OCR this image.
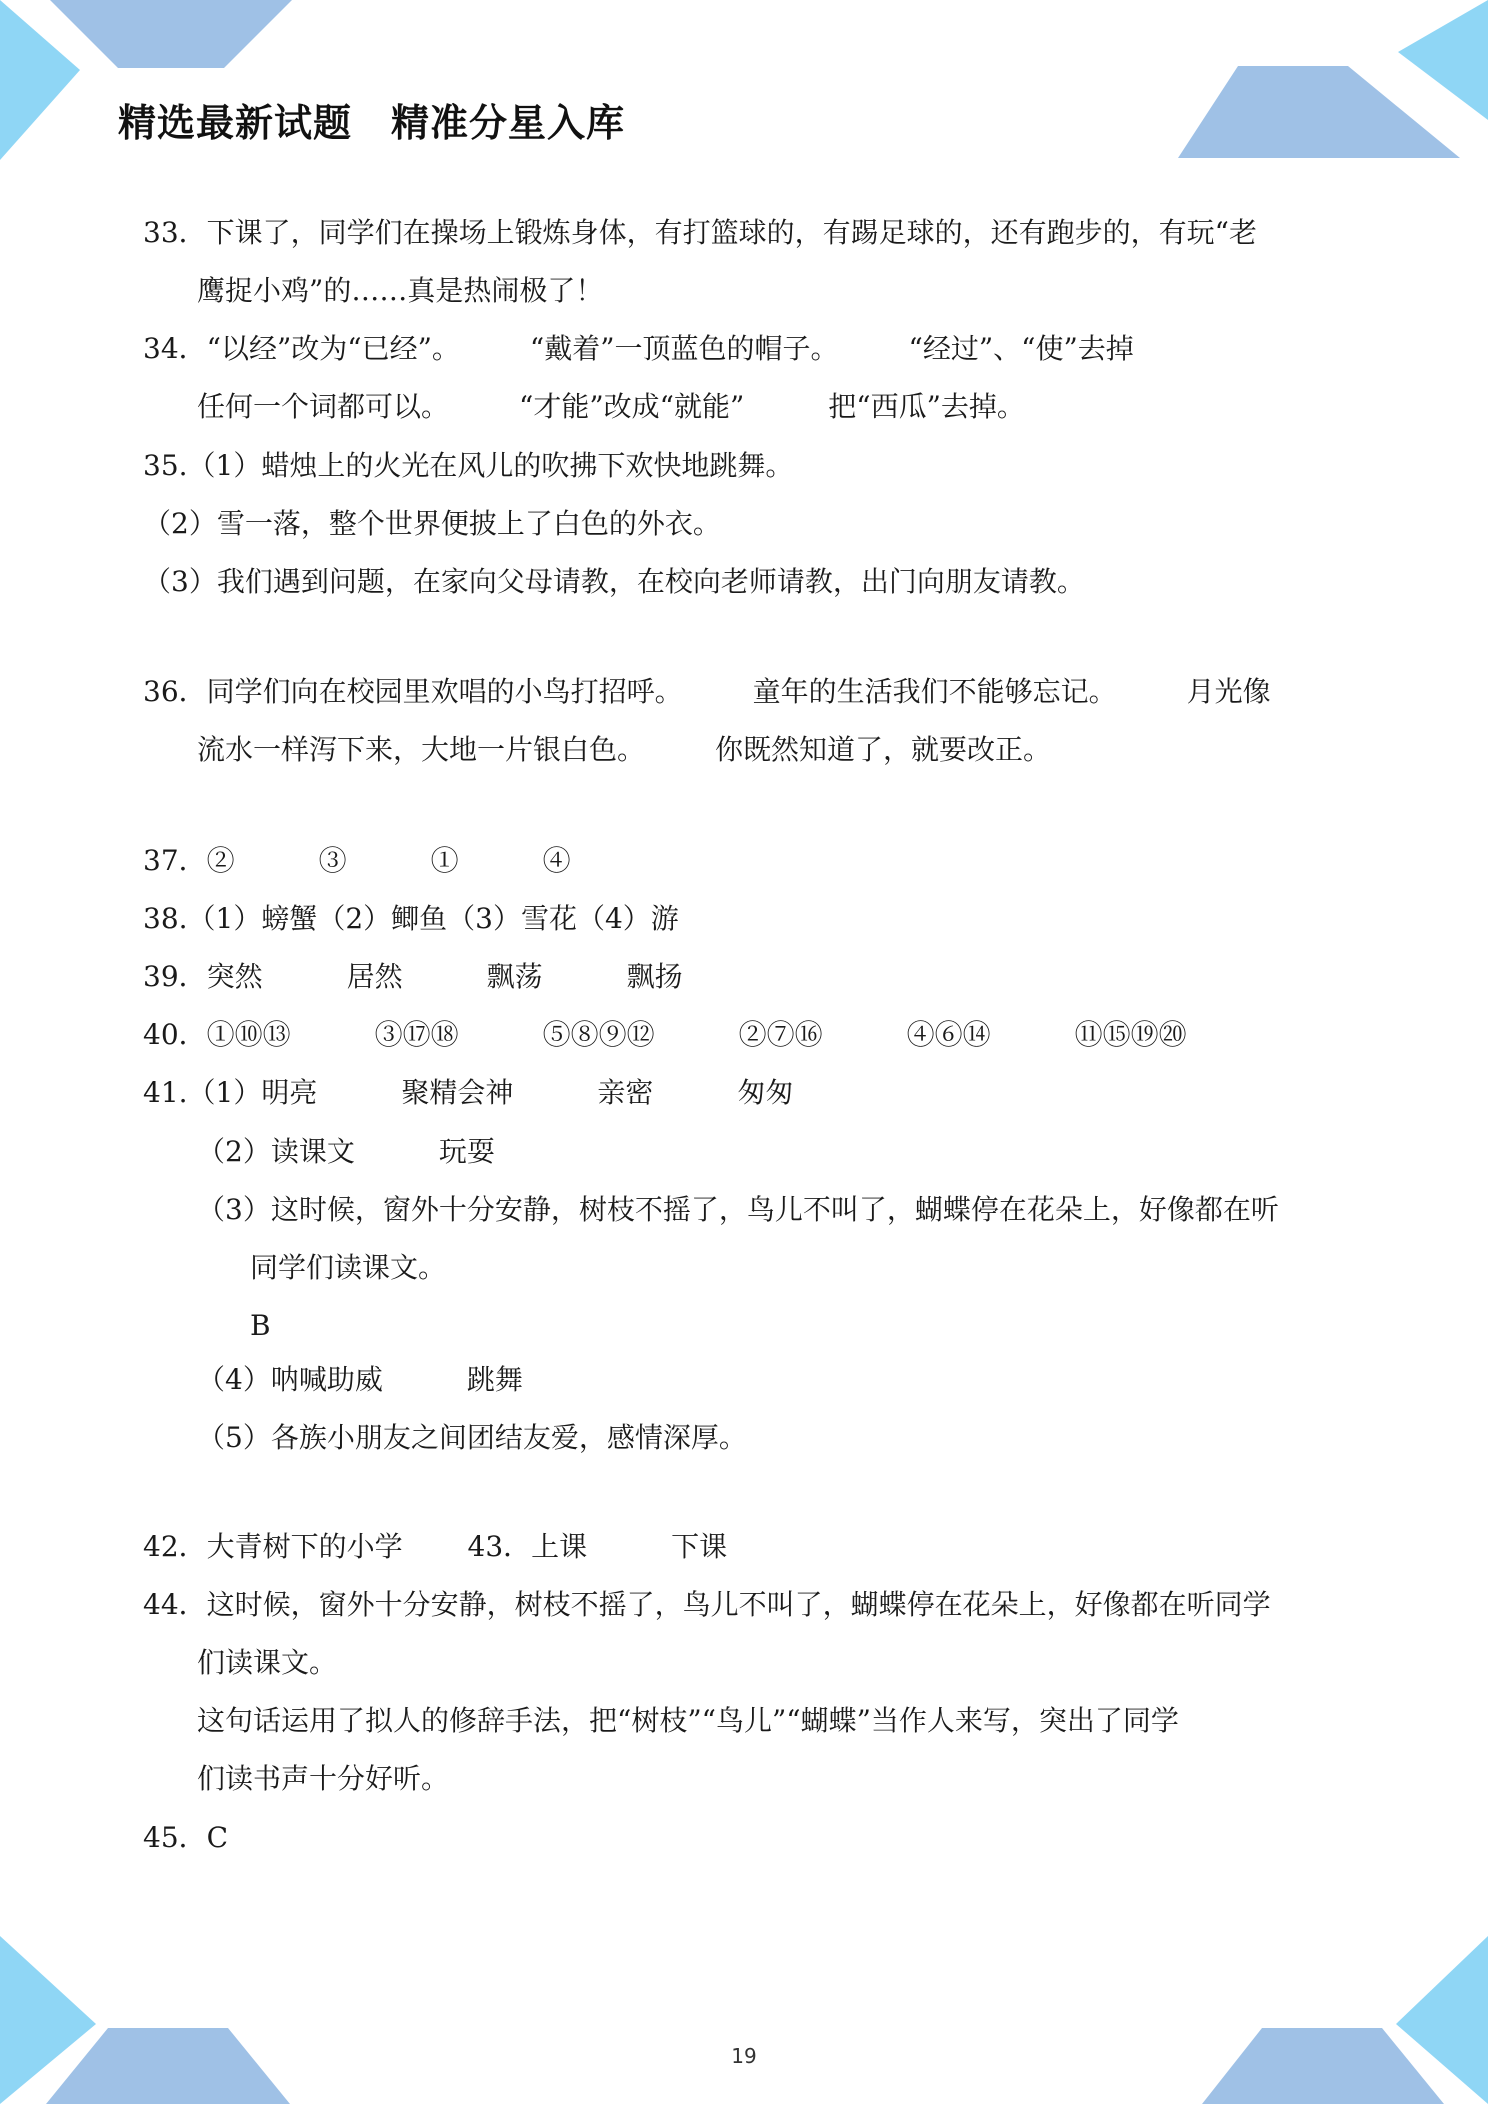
精选最新试题　精准分星入库
33．下课了，同学们在操场上锻炼身体，有打篮球的，有踢足球的，还有跑步的，有玩“老
鹰捉小鸡”的……真是热闹极了！
34．“以经”改为“已经”。　　　“戴着”一顶蓝色的帽子。　　　“经过”、“使”去掉
任何一个词都可以。　　　“才能”改成“就能”　　　把“西瓜”去掉。
35.（1）蜡烛上的火光在风儿的吹拂下欢快地跳舞。
（2）雪一落，整个世界便披上了白色的外衣。
（3）我们遇到问题，在家向父母请教，在校向老师请教，出门向朋友请教。
36．同学们向在校园里欢唱的小鸟打招呼。　　　童年的生活我们不能够忘记。　　　月光像
流水一样泻下来，大地一片银白色。　　　你既然知道了，就要改正。
37．②　　　③　　　①　　　④
38.（1）螃蟹（2）鲫鱼（3）雪花（4）游
39．突然　　　居然　　　飘荡　　　飘扬
40．①⑩⑬　　　③⑰⑱　　　⑤⑧⑨⑫　　　②⑦⑯　　　④⑥⑭　　　⑪⑮⑲⑳
41.（1）明亮　　　聚精会神　　　亲密　　　匆匆
（2）读课文　　　玩耍
（3）这时候，窗外十分安静，树枝不摇了，鸟儿不叫了，蝴蝶停在花朵上，好像都在听
同学们读课文。
B
（4）呐喊助威　　　跳舞
（5）各族小朋友之间团结友爱，感情深厚。
42．大青树下的小学　　 43．上课　　　下课
44．这时候，窗外十分安静，树枝不摇了，鸟儿不叫了，蝴蝶停在花朵上，好像都在听同学
们读课文。
这句话运用了拟人的修辞手法，把“树枝”“鸟儿”“蝴蝶”当作人来写，突出了同学
们读书声十分好听。
45．C
19
